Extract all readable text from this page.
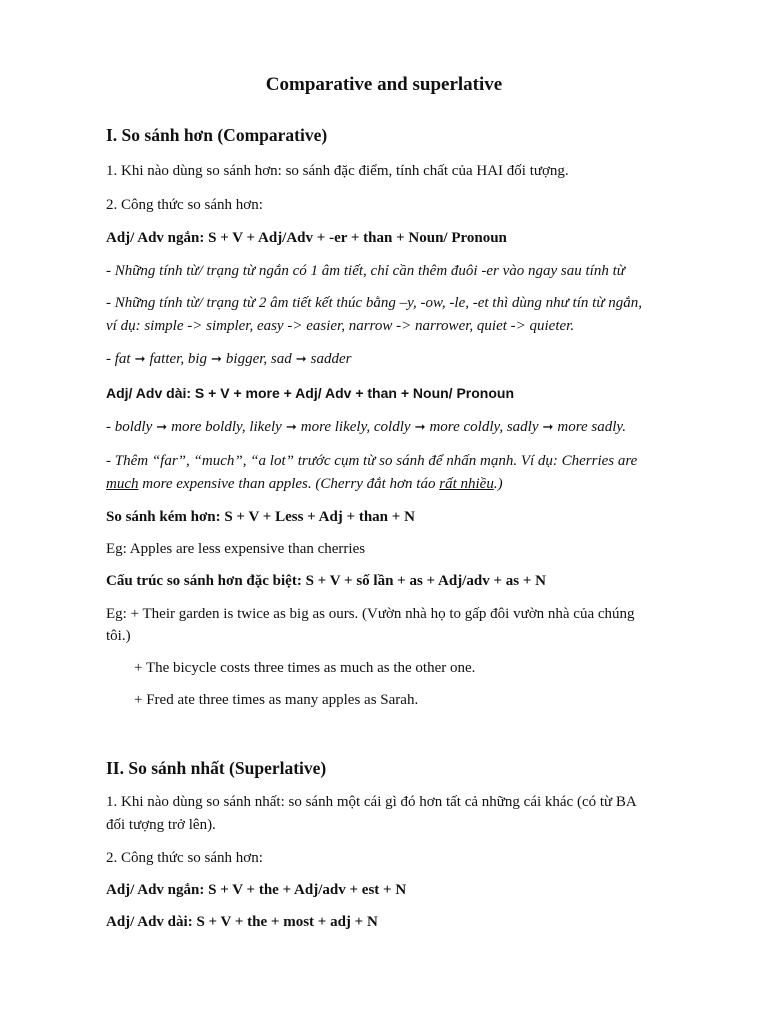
Comparative and superlative
I. So sánh hơn (Comparative)
1. Khi nào dùng so sánh hơn: so sánh đặc điểm, tính chất của HAI đối tượng.
2. Công thức so sánh hơn:
Adj/ Adv ngắn: S + V + Adj/Adv + -er + than + Noun/ Pronoun
- Những tính từ/ trạng từ ngắn có 1 âm tiết, chỉ cần thêm đuôi -er vào ngay sau tính từ
- Những tính từ/ trạng từ 2 âm tiết kết thúc bằng –y, -ow, -le, -et thì dùng như tín từ ngắn,
ví dụ: simple -> simpler, easy -> easier, narrow -> narrower, quiet -> quieter.
- fat ➞ fatter, big ➞ bigger, sad ➞ sadder
Adj/ Adv dài: S + V + more + Adj/ Adv + than + Noun/ Pronoun
- boldly ➞ more boldly, likely ➞ more likely, coldly ➞ more coldly, sadly ➞ more sadly.
- Thêm “far”, “much”, “a lot” trước cụm từ so sánh để nhấn mạnh. Ví dụ: Cherries are
much more expensive than apples. (Cherry đắt hơn táo rất nhiều.)
So sánh kém hơn: S + V + Less + Adj + than + N
Eg: Apples are less expensive than cherries
Cấu trúc so sánh hơn đặc biệt: S + V + số lần + as + Adj/adv + as + N
Eg: + Their garden is twice as big as ours. (Vườn nhà họ to gấp đôi vườn nhà của chúng
tôi.)
+ The bicycle costs three times as much as the other one.
+ Fred ate three times as many apples as Sarah.
II. So sánh nhất (Superlative)
1. Khi nào dùng so sánh nhất: so sánh một cái gì đó hơn tất cả những cái khác (có từ BA
đối tượng trở lên).
2. Công thức so sánh hơn:
Adj/ Adv ngắn: S + V + the + Adj/adv + est + N
Adj/ Adv dài: S + V + the + most + adj + N
